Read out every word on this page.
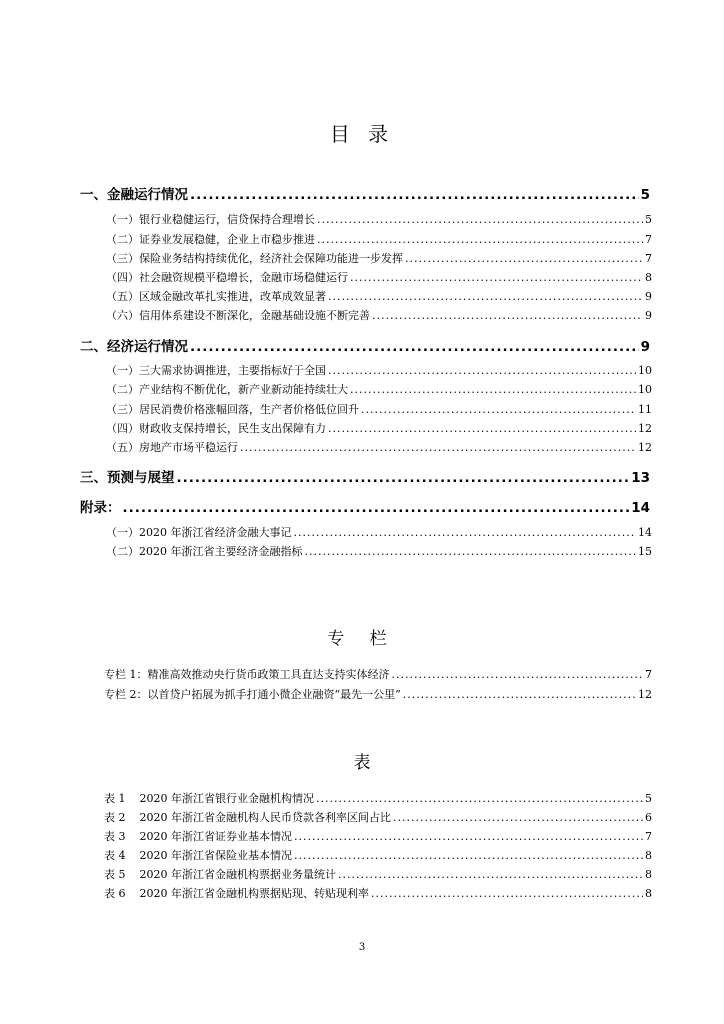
目 录
一、金融运行情况 .....	5
（一）银行业稳健运行，信贷保持合理增长 .....	5
（二）证券业发展稳健，企业上市稳步推进 .....	7
（三）保险业务结构持续优化，经济社会保障功能进一步发挥 .....	7
（四）社会融资规模平稳增长，金融市场稳健运行 .....	8
（五）区域金融改革扎实推进，改革成效显著 .....	9
（六）信用体系建设不断深化，金融基础设施不断完善 .....	9
二、经济运行情况 .....	9
（一）三大需求协调推进，主要指标好于全国 .....	10
（二）产业结构不断优化，新产业新动能持续壮大 .....	10
（三）居民消费价格涨幅回落，生产者价格低位回升 .....	11
（四）财政收支保持增长，民生支出保障有力 .....	12
（五）房地产市场平稳运行 .....	12
三、预测与展望 .....	13
附录： .....	14
（一）2020 年浙江省经济金融大事记 .....	14
（二）2020 年浙江省主要经济金融指标 .....	15
专 栏
专栏 1：精准高效推动央行货币政策工具直达支持实体经济 .....	7
专栏 2：以首贷户拓展为抓手打通小微企业融资“最先一公里” .....	12
表
表 1    2020 年浙江省银行业金融机构情况 .....	5
表 2    2020 年浙江省金融机构人民币贷款各利率区间占比 .....	6
表 3    2020 年浙江省证券业基本情况 .....	7
表 4    2020 年浙江省保险业基本情况 .....	8
表 5    2020 年浙江省金融机构票据业务量统计 .....	8
表 6    2020 年浙江省金融机构票据贴现、转贴现利率 .....	8
3
